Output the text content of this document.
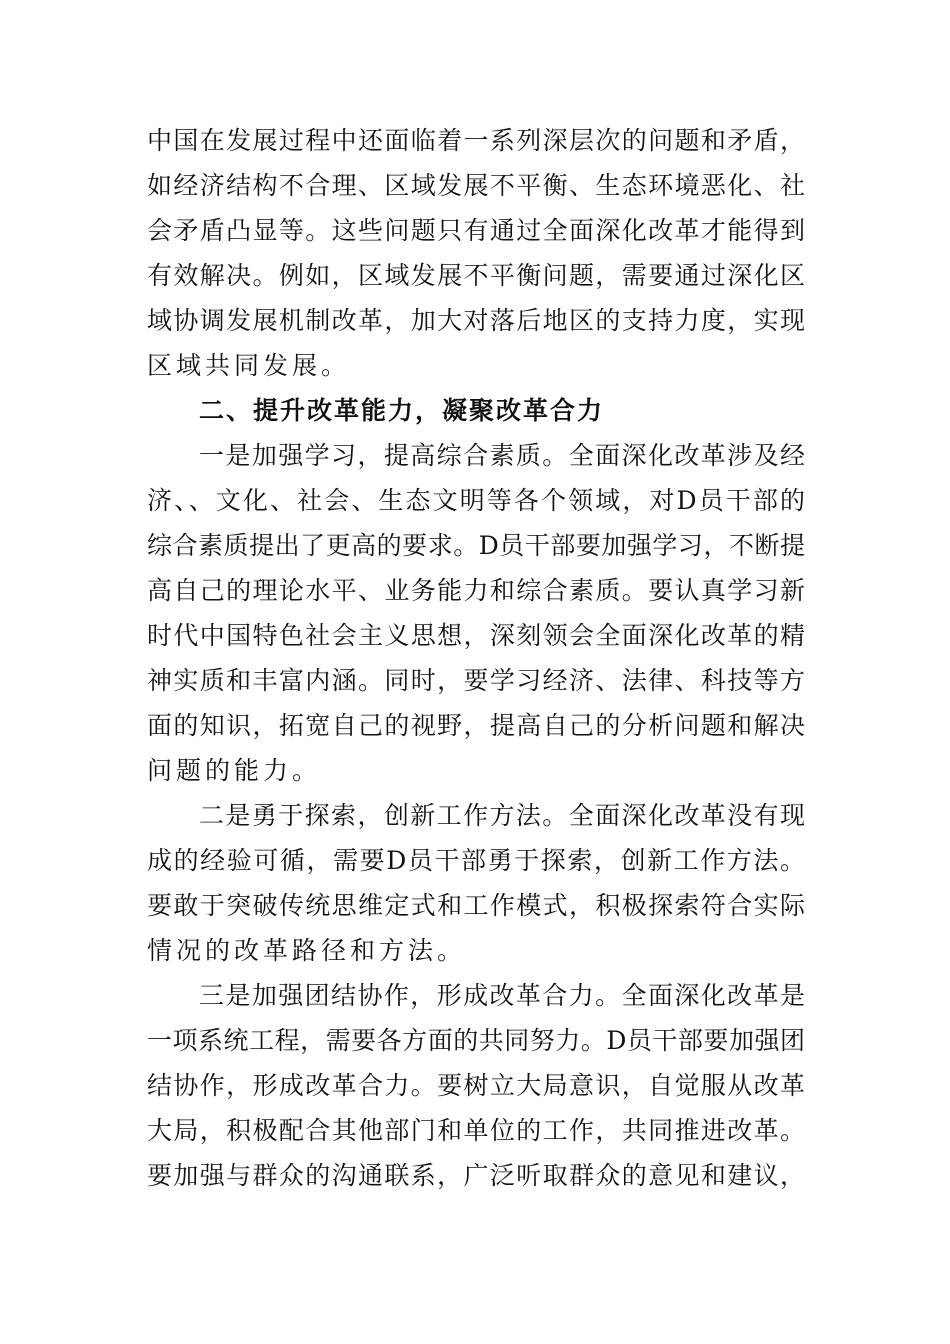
中国在发展过程中还面临着一系列深层次的问题和矛盾，
如经济结构不合理、区域发展不平衡、生态环境恶化、社
会矛盾凸显等。这些问题只有通过全面深化改革才能得到
有效解决。例如，区域发展不平衡问题，需要通过深化区
域协调发展机制改革，加大对落后地区的支持力度，实现
区域共同发展。
二、提升改革能力，凝聚改革合力
一是加强学习，提高综合素质。全面深化改革涉及经
济、、文化、社会、生态文明等各个领域，对D员干部的
综合素质提出了更高的要求。D员干部要加强学习，不断提
高自己的理论水平、业务能力和综合素质。要认真学习新
时代中国特色社会主义思想，深刻领会全面深化改革的精
神实质和丰富内涵。同时，要学习经济、法律、科技等方
面的知识，拓宽自己的视野，提高自己的分析问题和解决
问题的能力。
二是勇于探索，创新工作方法。全面深化改革没有现
成的经验可循，需要D员干部勇于探索，创新工作方法。
要敢于突破传统思维定式和工作模式，积极探索符合实际
情况的改革路径和方法。
三是加强团结协作，形成改革合力。全面深化改革是
一项系统工程，需要各方面的共同努力。D员干部要加强团
结协作，形成改革合力。要树立大局意识，自觉服从改革
大局，积极配合其他部门和单位的工作，共同推进改革。
要加强与群众的沟通联系，广泛听取群众的意见和建议，
